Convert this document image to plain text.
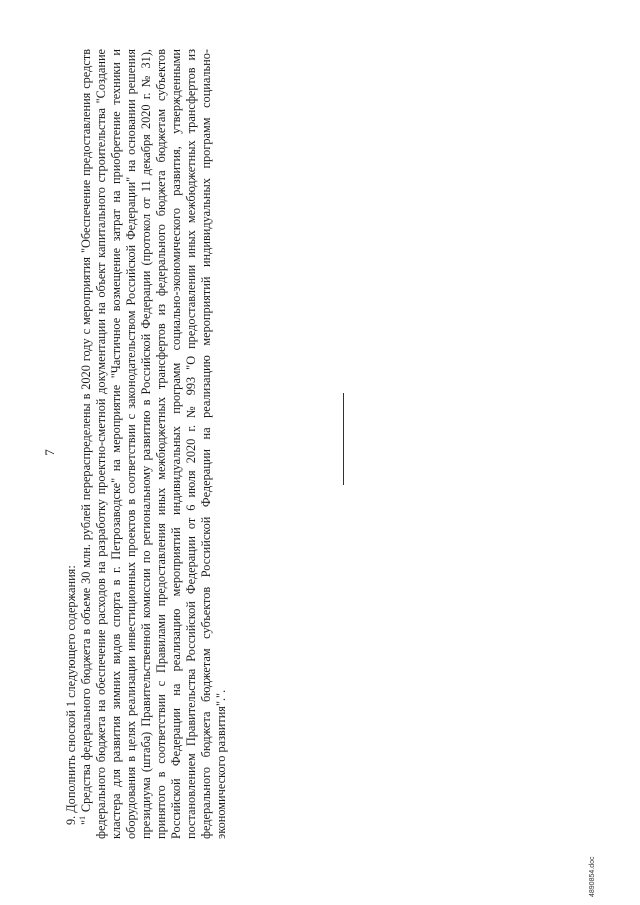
7

9. Дополнить сноской 1 следующего содержания: "$^1$ Средства федерального бюджета в объеме 30 млн. рублей перераспределены в 2020 году с мероприятия "Обеспечение предоставления средств федерального бюджета на обеспечение расходов на разработку проектно-сметной документации на объект капитального строительства "Создание кластера для развития зимних видов спорта в г. Петрозаводске" на мероприятие "Частичное возмещение затрат на приобретение техники и оборудования в целях реализации инвестиционных проектов в соответствии с законодательством Российской Федерации" на основании решения президиума (штаба) Правительственной комиссии по региональному развитию в Российской Федерации (протокол от 11 декабря 2020 г. № 31), принятого в соответствии с Правилами предоставления иных межбюджетных трансфертов из федерального бюджета бюджетам субъектов Российской Федерации на реализацию мероприятий индивидуальных программ социально-экономического развития, утвержденными постановлением Правительства Российской Федерации от 6 июля 2020 г. № 993 "О предоставлении иных межбюджетных трансфертов из федерального бюджета бюджетам субъектов Российской Федерации на реализацию мероприятий индивидуальных программ социально-экономического развития".".

4890854.doc
